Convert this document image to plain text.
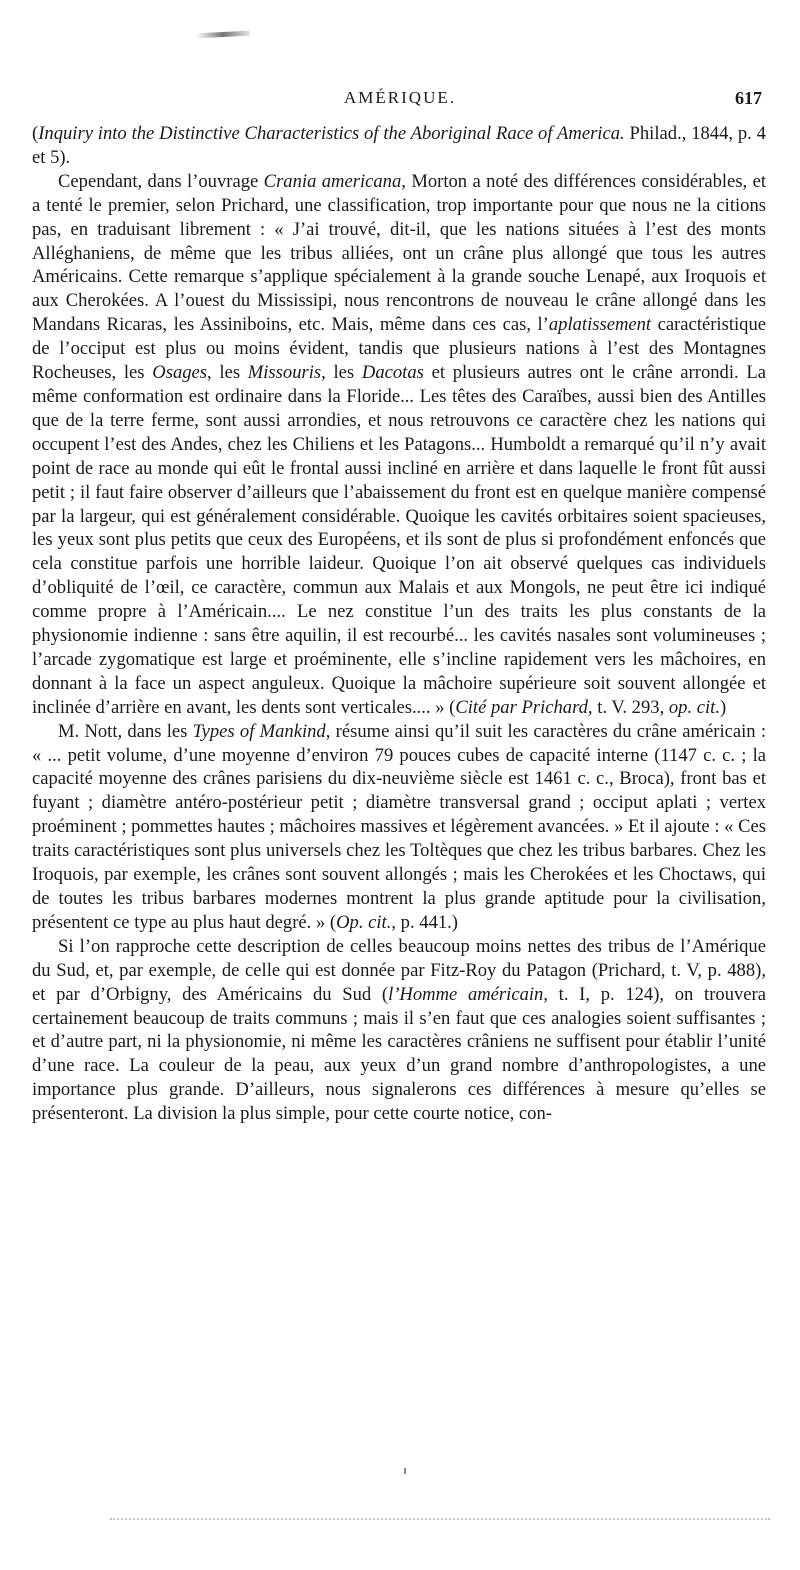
AMÉRIQUE.	617

(Inquiry into the Distinctive Characteristics of the Aboriginal Race of America. Philad., 1844, p. 4 et 5).

Cependant, dans l’ouvrage Crania americana, Morton a noté des différences considérables, et a tenté le premier, selon Prichard, une classification, trop importante pour que nous ne la citions pas, en traduisant librement : « J’ai trouvé, dit-il, que les nations situées à l’est des monts Alléghaniens, de même que les tribus alliées, ont un crâne plus allongé que tous les autres Américains. Cette remarque s’applique spécialement à la grande souche Lenapé, aux Iroquois et aux Cherokées. A l’ouest du Mississipi, nous rencontrons de nouveau le crâne allongé dans les Mandans Ricaras, les Assiniboins, etc. Mais, même dans ces cas, l’aplatissement caractéristique de l’occiput est plus ou moins évident, tandis que plusieurs nations à l’est des Montagnes Rocheuses, les Osages, les Missouris, les Dacotas et plusieurs autres ont le crâne arrondi. La même conformation est ordinaire dans la Floride... Les têtes des Caraïbes, aussi bien des Antilles que de la terre ferme, sont aussi arrondies, et nous retrouvons ce caractère chez les nations qui occupent l’est des Andes, chez les Chiliens et les Patagons... Humboldt a remarqué qu’il n’y avait point de race au monde qui eût le frontal aussi incliné en arrière et dans laquelle le front fût aussi petit ; il faut faire observer d’ailleurs que l’abaissement du front est en quelque manière compensé par la largeur, qui est généralement considérable. Quoique les cavités orbitaires soient spacieuses, les yeux sont plus petits que ceux des Européens, et ils sont de plus si profondément enfoncés que cela constitue parfois une horrible laideur. Quoique l’on ait observé quelques cas individuels d’obliquité de l’œil, ce caractère, commun aux Malais et aux Mongols, ne peut être ici indiqué comme propre à l’Américain.... Le nez constitue l’un des traits les plus constants de la physionomie indienne : sans être aquilin, il est recourbé... les cavités nasales sont volumineuses ; l’arcade zygomatique est large et proéminente, elle s’incline rapidement vers les mâchoires, en donnant à la face un aspect anguleux. Quoique la mâchoire supérieure soit souvent allongée et inclinée d’arrière en avant, les dents sont verticales.... » (Cité par Prichard, t. V. 293, op. cit.)

M. Nott, dans les Types of Mankind, résume ainsi qu’il suit les caractères du crâne américain : « ... petit volume, d’une moyenne d’environ 79 pouces cubes de capacité interne (1147 c. c. ; la capacité moyenne des crânes parisiens du dix-neuvième siècle est 1461 c. c., Broca), front bas et fuyant ; diamètre antéro-postérieur petit ; diamètre transversal grand ; occiput aplati ; vertex proéminent ; pommettes hautes ; mâchoires massives et légèrement avancées. » Et il ajoute : « Ces traits caractéristiques sont plus universels chez les Toltèques que chez les tribus barbares. Chez les Iroquois, par exemple, les crânes sont souvent allongés ; mais les Cherokées et les Choctaws, qui de toutes les tribus barbares modernes montrent la plus grande aptitude pour la civilisation, présentent ce type au plus haut degré. » (Op. cit., p. 441.)

Si l’on rapproche cette description de celles beaucoup moins nettes des tribus de l’Amérique du Sud, et, par exemple, de celle qui est donnée par Fitz-Roy du Patagon (Prichard, t. V, p. 488), et par d’Orbigny, des Américains du Sud (l’Homme américain, t. I, p. 124), on trouvera certainement beaucoup de traits communs ; mais il s’en faut que ces analogies soient suffisantes ; et d’autre part, ni la physionomie, ni même les caractères crâniens ne suffisent pour établir l’unité d’une race. La couleur de la peau, aux yeux d’un grand nombre d’anthropologistes, a une importance plus grande. D’ailleurs, nous signalerons ces différences à mesure qu’elles se présenteront. La division la plus simple, pour cette courte notice, con-
